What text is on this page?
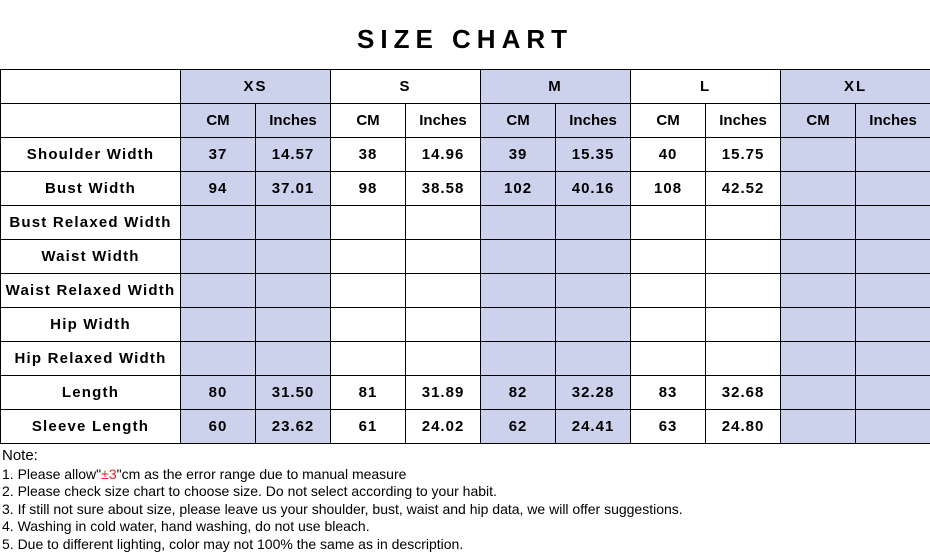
SIZE CHART
	XS		S		M		L		XL	
	CM	Inches	CM	Inches	CM	Inches	CM	Inches	CM	Inches
Shoulder Width	37	14.57	38	14.96	39	15.35	40	15.75		
Bust Width	94	37.01	98	38.58	102	40.16	108	42.52		
Bust Relaxed Width										
Waist Width										
Waist Relaxed Width										
Hip Width										
Hip Relaxed Width										
Length	80	31.50	81	31.89	82	32.28	83	32.68		
Sleeve Length	60	23.62	61	24.02	62	24.41	63	24.80		
Note:
1. Please allow"±3"cm as the error range due to manual measure
2. Please check size chart to choose size. Do not select according to your habit.
3. If still not sure about size, please leave us your shoulder, bust, waist and hip data, we will offer suggestions.
4. Washing in cold water, hand washing, do not use bleach.
5. Due to different lighting, color may not 100% the same as in description.
